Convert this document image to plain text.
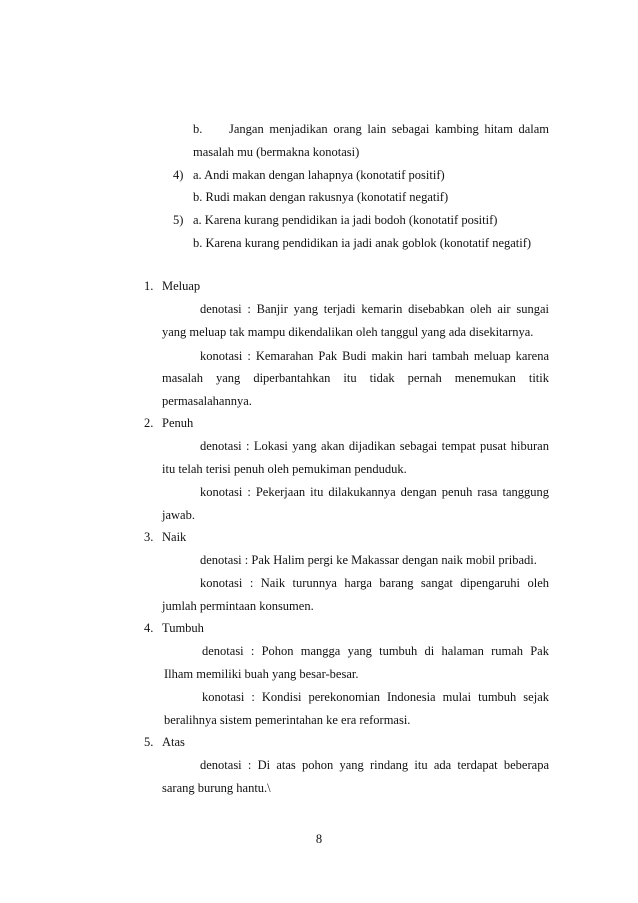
b. Jangan menjadikan orang lain sebagai kambing hitam dalam
masalah mu (bermakna konotasi)
4) a. Andi makan dengan lahapnya (konotatif positif)
b. Rudi makan dengan rakusnya (konotatif negatif)
5) a. Karena kurang pendidikan ia jadi bodoh (konotatif positif)
b. Karena kurang pendidikan ia jadi anak goblok (konotatif negatif)
1. Meluap
denotasi : Banjir yang terjadi kemarin disebabkan oleh air sungai
yang meluap tak mampu dikendalikan oleh tanggul yang ada disekitarnya.
konotasi : Kemarahan Pak Budi makin hari tambah meluap karena
masalah yang diperbantahkan itu tidak pernah menemukan titik
permasalahannya.
2. Penuh
denotasi : Lokasi yang akan dijadikan sebagai tempat pusat hiburan
itu telah terisi penuh oleh pemukiman penduduk.
konotasi : Pekerjaan itu dilakukannya dengan penuh rasa tanggung
jawab.
3. Naik
denotasi : Pak Halim pergi ke Makassar dengan naik mobil pribadi.
konotasi : Naik turunnya harga barang sangat dipengaruhi oleh
jumlah permintaan konsumen.
4. Tumbuh
denotasi : Pohon mangga yang tumbuh di halaman rumah Pak
Ilham memiliki buah yang besar-besar.
konotasi : Kondisi perekonomian Indonesia mulai tumbuh sejak
beralihnya sistem pemerintahan ke era reformasi.
5. Atas
denotasi : Di atas pohon yang rindang itu ada terdapat beberapa
sarang burung hantu.\
8
